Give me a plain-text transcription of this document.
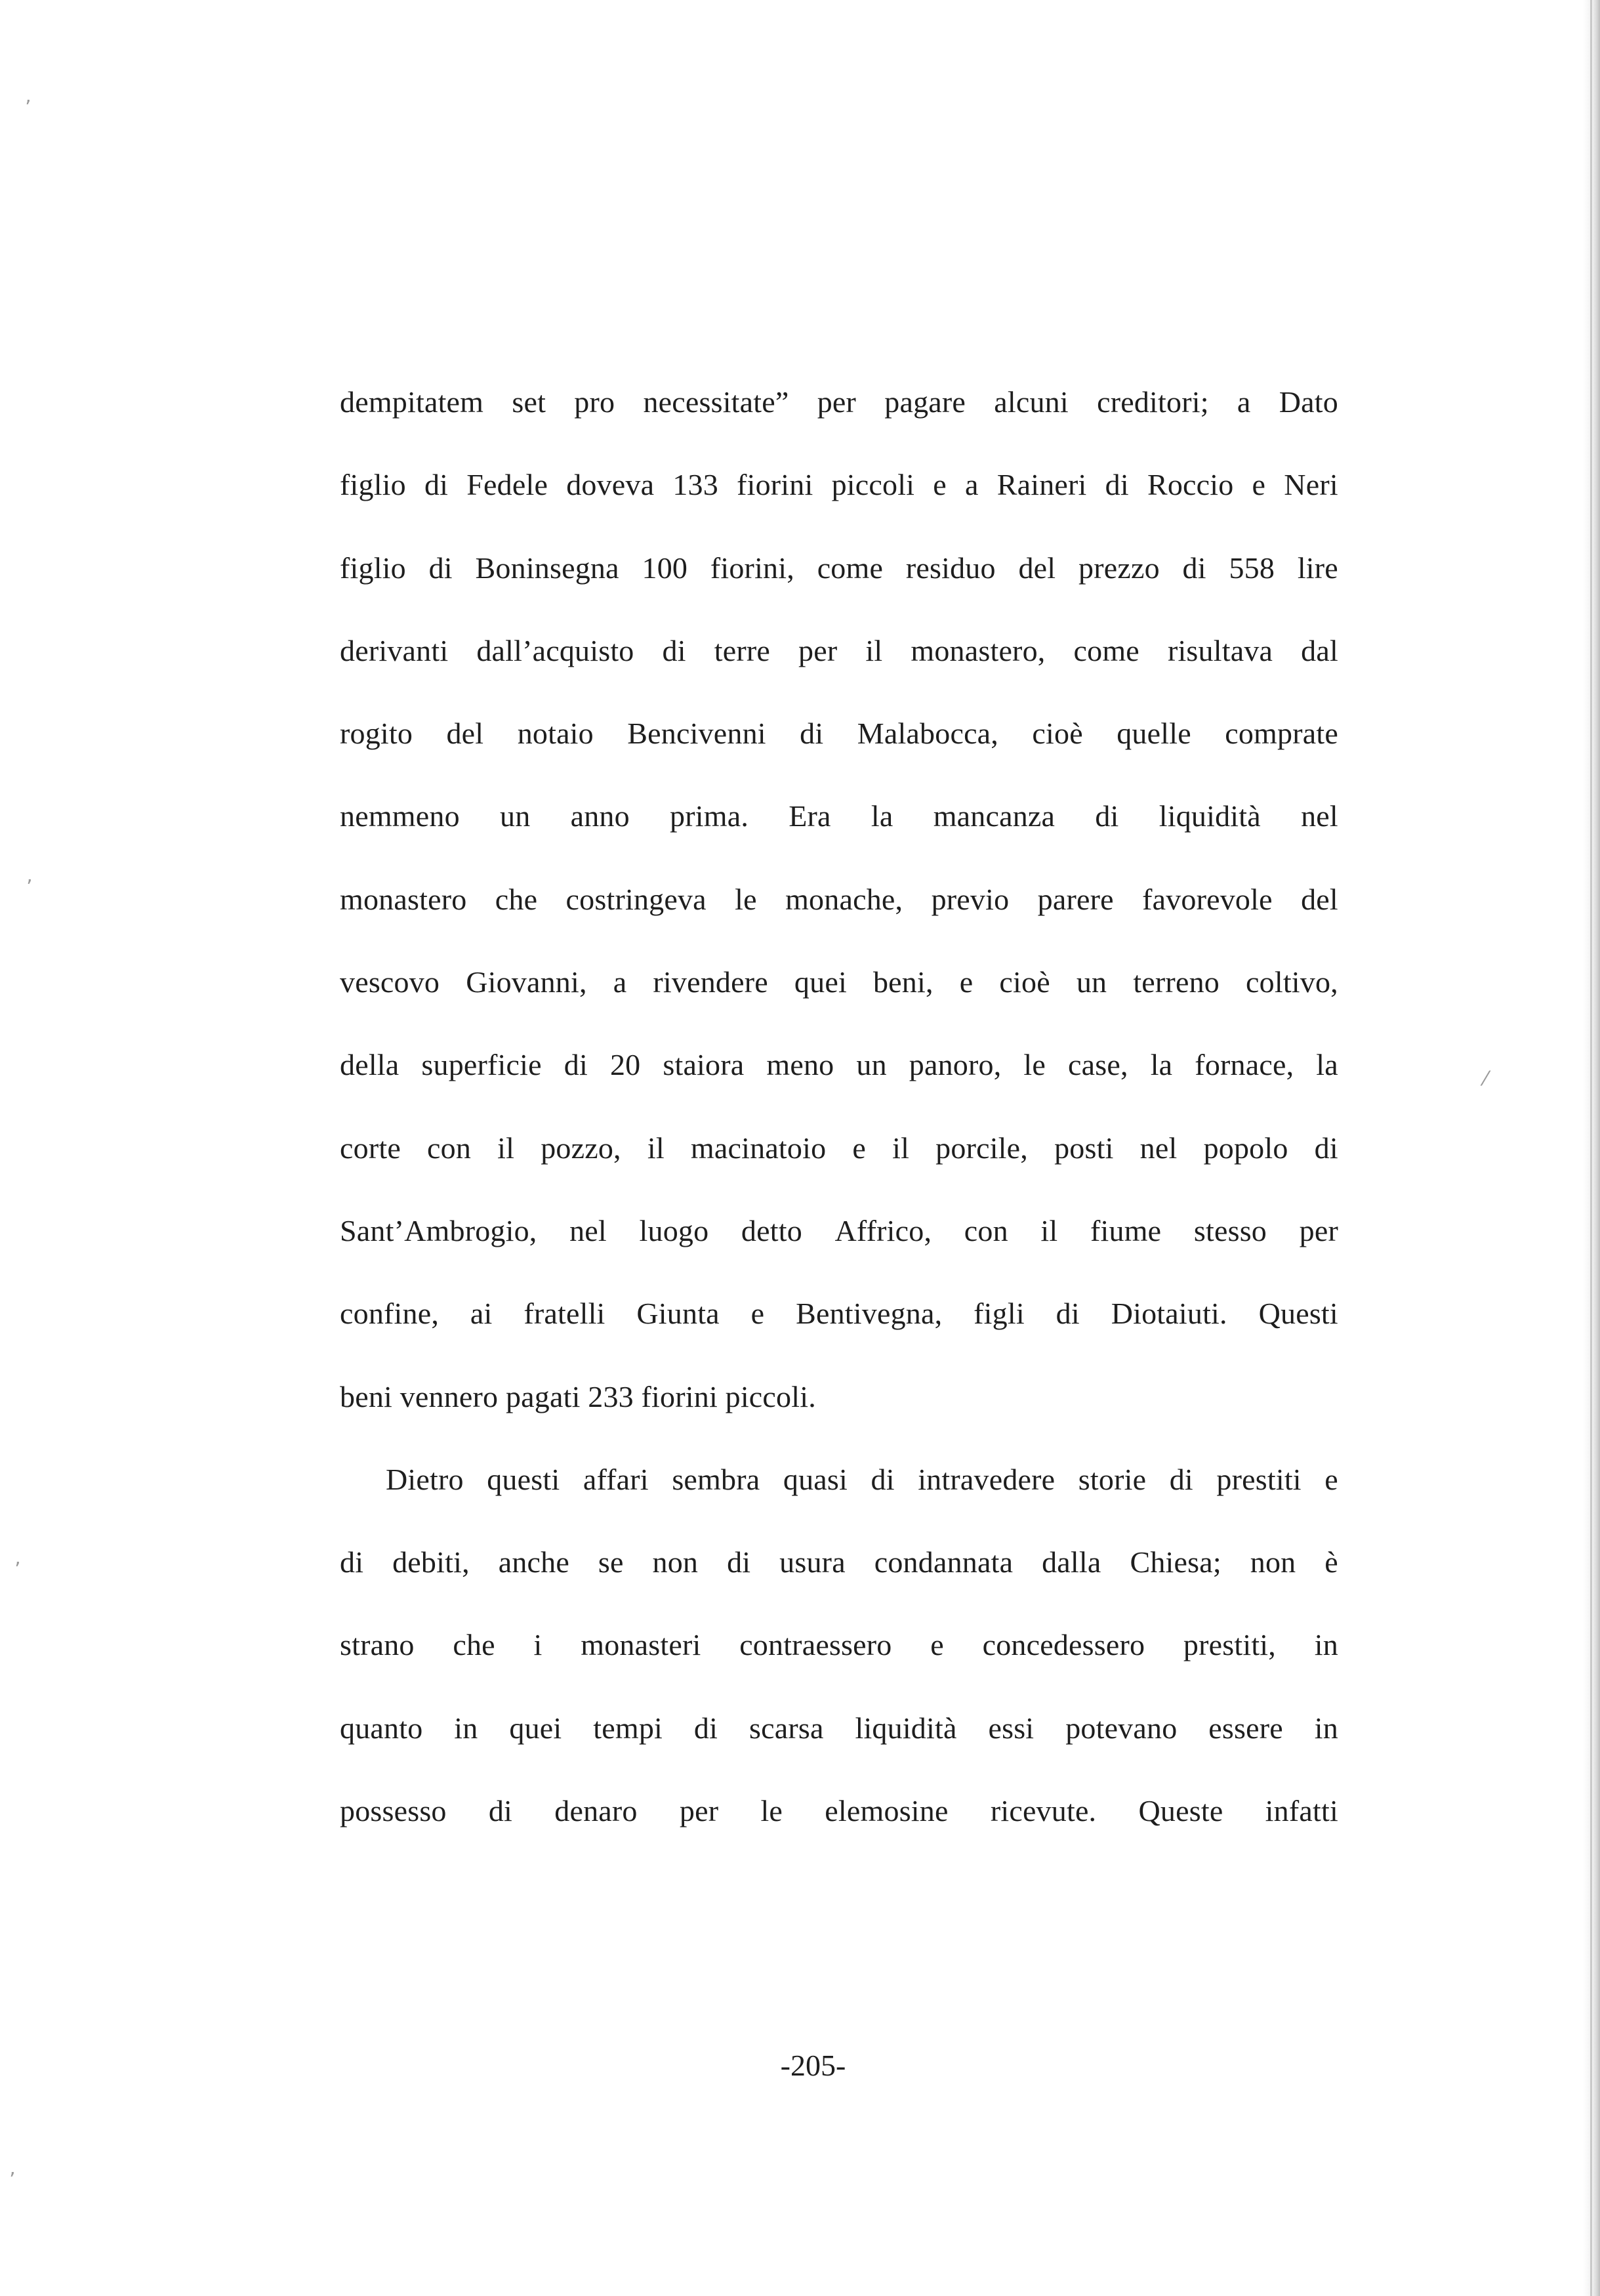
ʼ
ʼ
⁄
ʼ
ʼ
dempitatem set pro necessitate” per pagare alcuni creditori; a Dato
figlio di Fedele doveva 133 fiorini piccoli e a Raineri di Roccio e Neri
figlio di Boninsegna 100 fiorini, come residuo del prezzo di 558 lire
derivanti dall’acquisto di terre per il monastero, come risultava dal
rogito del notaio Bencivenni di Malabocca, cioè quelle comprate
nemmeno un anno prima. Era la mancanza di liquidità nel
monastero che costringeva le monache, previo parere favorevole del
vescovo Giovanni, a rivendere quei beni, e cioè un terreno coltivo,
della superficie di 20 staiora meno un panoro, le case, la fornace, la
corte con il pozzo, il macinatoio e il porcile, posti nel popolo di
Sant’Ambrogio, nel luogo detto Affrico, con il fiume stesso per
confine, ai fratelli Giunta e Bentivegna, figli di Diotaiuti. Questi
beni vennero pagati 233 fiorini piccoli.
Dietro questi affari sembra quasi di intravedere storie di prestiti e
di debiti, anche se non di usura condannata dalla Chiesa; non è
strano che i monasteri contraessero e concedessero prestiti, in
quanto in quei tempi di scarsa liquidità essi potevano essere in
possesso di denaro per le elemosine ricevute. Queste infatti
-205-
